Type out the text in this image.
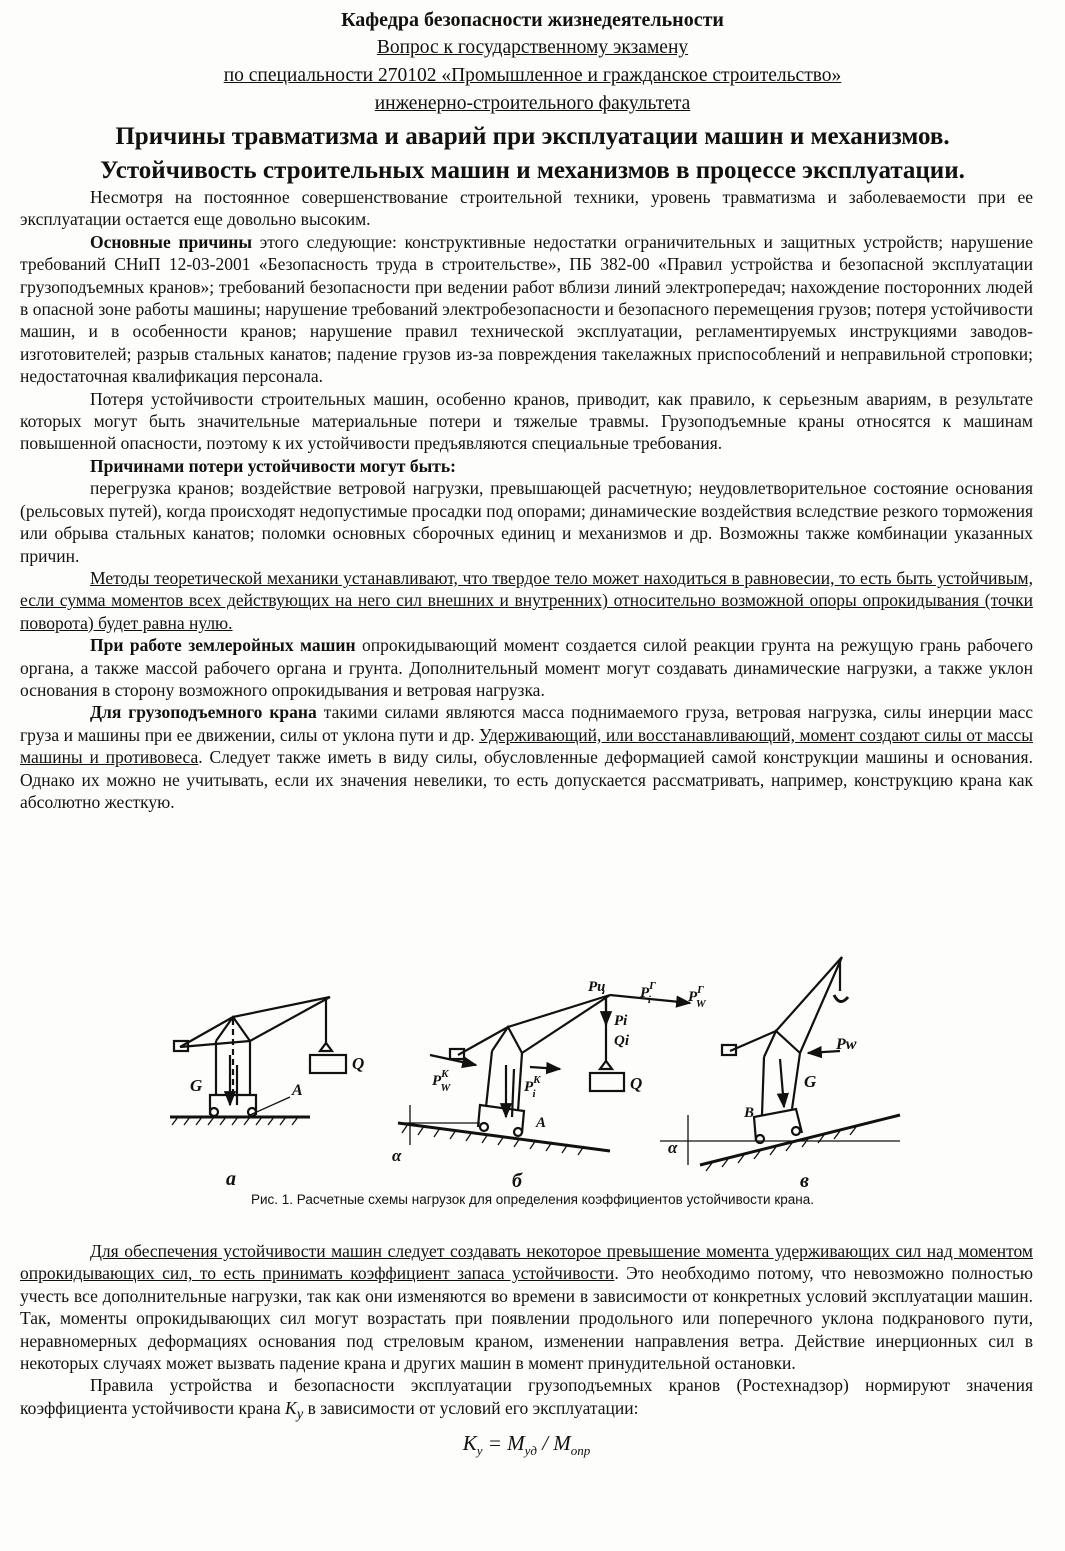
Кафедра безопасности жизнедеятельности
Вопрос к государственному экзамену
по специальности 270102 «Промышленное и гражданское строительство»
инженерно-строительного факультета
Причины травматизма и аварий при эксплуатации машин и механизмов.
Устойчивость строительных машин и механизмов в процессе эксплуатации.

Несмотря на постоянное совершенствование строительной техники, уровень травматизма и заболеваемости при ее эксплуатации остается еще довольно высоким.

Основные причины этого следующие: конструктивные недостатки ограничительных и защитных устройств; нарушение требований СНиП 12-03-2001 «Безопасность труда в строительстве», ПБ 382-00 «Правил устройства и безопасной эксплуатации грузоподъемных кранов»; требований безопасности при ведении работ вблизи линий электропередач; нахождение посторонних людей в опасной зоне работы машины; нарушение требований электробезопасности и безопасного перемещения грузов; потеря устойчивости машин, и в особенности кранов; нарушение правил технической эксплуатации, регламентируемых инструкциями заводов-изготовителей; разрыв стальных канатов; падение грузов из-за повреждения такелажных приспособлений и неправильной строповки; недостаточная квалификация персонала.

Потеря устойчивости строительных машин, особенно кранов, приводит, как правило, к серьезным авариям, в результате которых могут быть значительные материальные потери и тяжелые травмы. Грузоподъемные краны относятся к машинам повышенной опасности, поэтому к их устойчивости предъявляются специальные требования.

Причинами потери устойчивости могут быть:

перегрузка кранов; воздействие ветровой нагрузки, превышающей расчетную; неудовлетворительное состояние основания (рельсовых путей), когда происходят недопустимые просадки под опорами; динамические воздействия вследствие резкого торможения или обрыва стальных канатов; поломки основных сборочных единиц и механизмов и др. Возможны также комбинации указанных причин.

Методы теоретической механики устанавливают, что твердое тело может находиться в равновесии, то есть быть устойчивым, если сумма моментов всех действующих на него сил внешних и внутренних) относительно возможной опоры опрокидывания (точки поворота) будет равна нулю.

При работе землеройных машин опрокидывающий момент создается силой реакции грунта на режущую грань рабочего органа, а также массой рабочего органа и грунта. Дополнительный момент могут создавать динамические нагрузки, а также уклон основания в сторону возможного опрокидывания и ветровая нагрузка.

Для грузоподъемного крана такими силами являются масса поднимаемого груза, ветровая нагрузка, силы инерции масс груза и машины при ее движении, силы от уклона пути и др. Удерживающий, или восстанавливающий, момент создают силы от массы машины и противовеса. Следует также иметь в виду силы, обусловленные деформацией самой конструкции машины и основания. Однако их можно не учитывать, если их значения невелики, то есть допускается рассматривать, например, конструкцию крана как абсолютно жесткую.

G
Q
A
а
Pц $P^Г$ i	$P^Г$ W
Pi
Qi
Q
$P^K$ W	$P^K$ i
A
α
б
Pw
G
В
α
в
Рис. 1. Расчетные схемы нагрузок для определения коэффициентов устойчивости крана.

Для обеспечения устойчивости машин следует создавать некоторое превышение момента удерживающих сил над моментом опрокидывающих сил, то есть принимать коэффициент запаса устойчивости. Это необходимо потому, что невозможно полностью учесть все дополнительные нагрузки, так как они изменяются во времени в зависимости от конкретных условий эксплуатации машин. Так, моменты опрокидывающих сил могут возрастать при появлении продольного или поперечного уклона подкранового пути, неравномерных деформациях основания под стреловым краном, изменении направления ветра. Действие инерционных сил в некоторых случаях может вызвать падение крана и других машин в момент принудительной остановки.

Правила устройства и безопасности эксплуатации грузоподъемных кранов (Ростехнадзор) нормируют значения коэффициента устойчивости крана $K_y$ в зависимости от условий его эксплуатации:

$K_y = M_{уд} / M_{опр}$
